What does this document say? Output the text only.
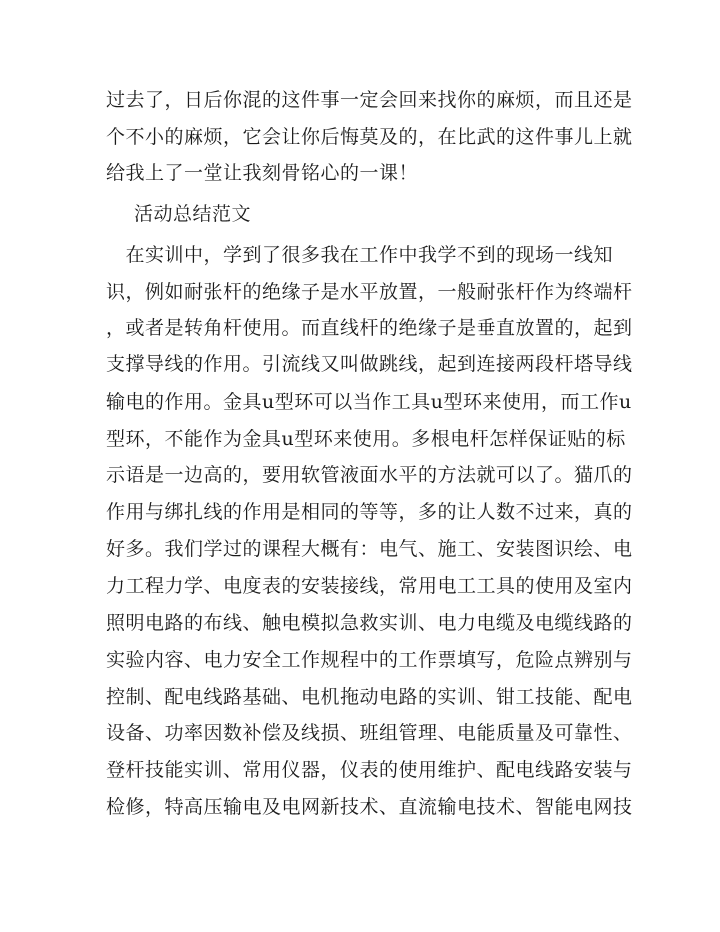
过去了，日后你混的这件事一定会回来找你的麻烦，而且还是

个不小的麻烦，它会让你后悔莫及的，在比武的这件事儿上就

给我上了一堂让我刻骨铭心的一课！

活动总结范文

　在实训中，学到了很多我在工作中我学不到的现场一线知

识，例如耐张杆的绝缘子是水平放置，一般耐张杆作为终端杆

，或者是转角杆使用。而直线杆的绝缘子是垂直放置的，起到

支撑导线的作用。引流线又叫做跳线，起到连接两段杆塔导线

输电的作用。金具u型环可以当作工具u型环来使用，而工作u

型环，不能作为金具u型环来使用。多根电杆怎样保证贴的标

示语是一边高的，要用软管液面水平的方法就可以了。猫爪的

作用与绑扎线的作用是相同的等等，多的让人数不过来，真的

好多。我们学过的课程大概有：电气、施工、安装图识绘、电

力工程力学、电度表的安装接线，常用电工工具的使用及室内

照明电路的布线、触电模拟急救实训、电力电缆及电缆线路的

实验内容、电力安全工作规程中的工作票填写，危险点辨别与

控制、配电线路基础、电机拖动电路的实训、钳工技能、配电

设备、功率因数补偿及线损、班组管理、电能质量及可靠性、

登杆技能实训、常用仪器，仪表的使用维护、配电线路安装与

检修，特高压输电及电网新技术、直流输电技术、智能电网技
